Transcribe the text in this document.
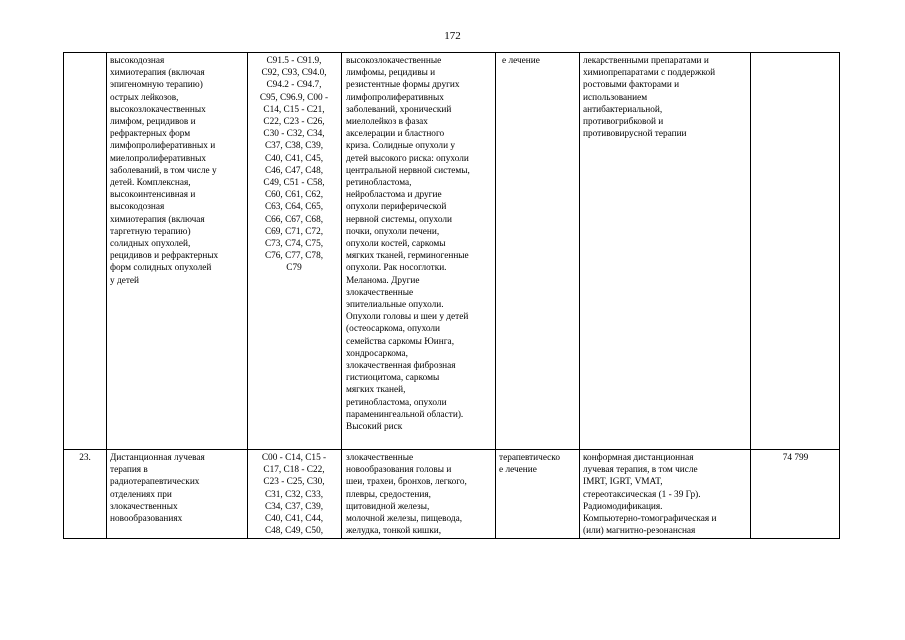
172
высокодозная
химиотерапия (включая
эпигеномную терапию)
острых лейкозов,
высокозлокачественных
лимфом, рецидивов и
рефрактерных форм
лимфопролиферативных и
миелопролиферативных
заболеваний, в том числе у
детей. Комплексная,
высокоинтенсивная и
высокодозная
химиотерапия (включая
таргетную терапию)
солидных опухолей,
рецидивов и рефрактерных
форм солидных опухолей
у детей
C91.5 - C91.9,
C92, C93, C94.0,
C94.2 - C94.7,
C95, C96.9, C00 -
C14, C15 - C21,
C22, C23 - C26,
C30 - C32, C34,
C37, C38, C39,
C40, C41, C45,
C46, C47, C48,
C49, C51 - C58,
C60, C61, C62,
C63, C64, C65,
C66, C67, C68,
C69, C71, C72,
C73, C74, C75,
C76, C77, C78,
C79
высокозлокачественные
лимфомы, рецидивы и
резистентные формы других
лимфопролиферативных
заболеваний, хронический
миелолейкоз в фазах
акселерации и бластного
криза. Солидные опухоли у
детей высокого риска: опухоли
центральной нервной системы,
ретинобластома,
нейробластома и другие
опухоли периферической
нервной системы, опухоли
почки, опухоли печени,
опухоли костей, саркомы
мягких тканей, герминогенные
опухоли. Рак носоглотки.
Меланома. Другие
злокачественные
эпителиальные опухоли.
Опухоли головы и шеи у детей
(остеосаркома, опухоли
семейства саркомы Юинга,
хондросаркома,
злокачественная фиброзная
гистиоцитома, саркомы
мягких тканей,
ретинобластома, опухоли
параменингеальной области).
Высокий риск
е лечение	лекарственными препаратами и
химиопрепаратами с поддержкой
ростовыми факторами и
использованием
антибактериальной,
противогрибковой и
противовирусной терапии
23.	Дистанционная лучевая
терапия в
радиотерапевтических
отделениях при
злокачественных
новообразованиях
C00 - C14, C15 -
C17, C18 - C22,
C23 - C25, C30,
C31, C32, C33,
C34, C37, C39,
C40, C41, C44,
C48, C49, C50,
злокачественные
новообразования головы и
шеи, трахеи, бронхов, легкого,
плевры, средостения,
щитовидной железы,
молочной железы, пищевода,
желудка, тонкой кишки,
терапевтическо
е лечение
конформная дистанционная
лучевая терапия, в том числе
IMRT, IGRT, VMAT,
стереотаксическая (1 - 39 Гр).
Радиомодификация.
Компьютерно-томографическая и
(или) магнитно-резонансная
74 799
